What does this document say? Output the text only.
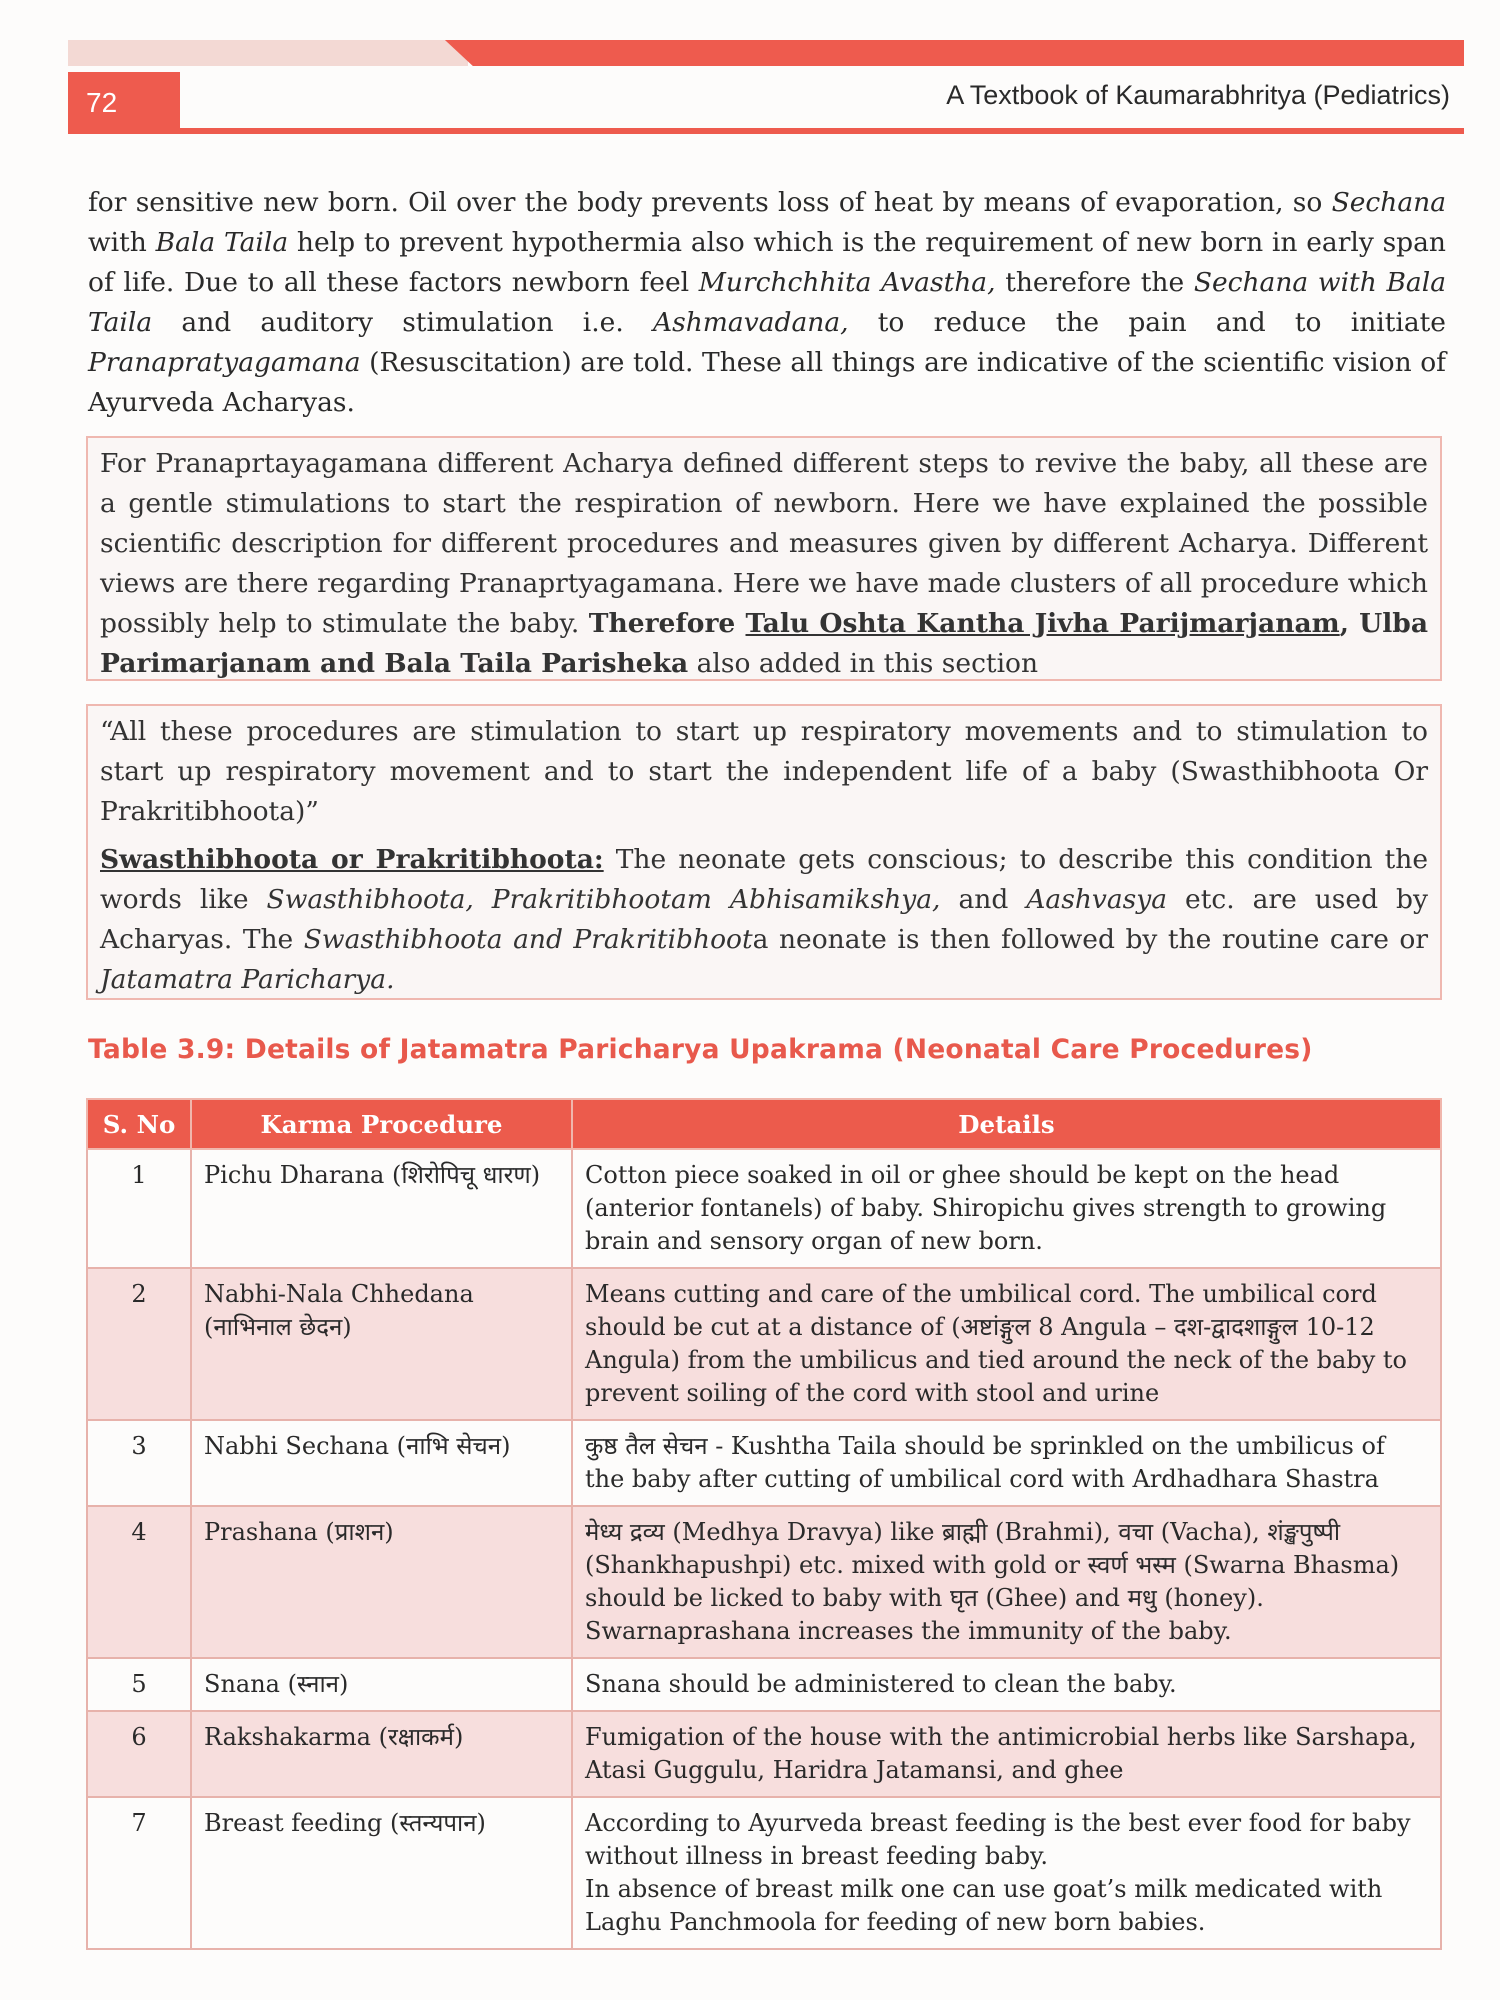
72	A Textbook of Kaumarabhritya (Pediatrics)
for sensitive new born. Oil over the body prevents loss of heat by means of evaporation, so Sechana with Bala Taila help to prevent hypothermia also which is the requirement of new born in early span of life. Due to all these factors newborn feel Murchchhita Avastha, therefore the Sechana with Bala Taila and auditory stimulation i.e. Ashmavadana, to reduce the pain and to initiate Pranapratyagamana (Resuscitation) are told. These all things are indicative of the scientific vision of Ayurveda Acharyas.

For Pranaprtayagamana different Acharya defined different steps to revive the baby, all these are a gentle stimulations to start the respiration of newborn. Here we have explained the possible scientific description for different procedures and measures given by different Acharya. Different views are there regarding Pranaprtyagamana. Here we have made clusters of all procedure which possibly help to stimulate the baby. Therefore Talu Oshta Kantha Jivha Parijmarjanam, Ulba Parimarjanam and Bala Taila Parisheka also added in this section

“All these procedures are stimulation to start up respiratory movements and to stimulation to start up respiratory movement and to start the independent life of a baby (Swasthibhoota Or Prakritibhoota)”

Swasthibhoota or Prakritibhoota: The neonate gets conscious; to describe this condition the words like Swasthibhoota, Prakritibhootam Abhisamikshya, and Aashvasya etc. are used by Acharyas. The Swasthibhoota and Prakritibhoota neonate is then followed by the routine care or Jatamatra Paricharya.

Table 3.9: Details of Jatamatra Paricharya Upakrama (Neonatal Care Procedures)
S. No	Karma Procedure	Details
1	Pichu Dharana (शिरोपिचू धारण)	Cotton piece soaked in oil or ghee should be kept on the head (anterior fontanels) of baby. Shiropichu gives strength to growing brain and sensory organ of new born.
2	Nabhi-Nala Chhedana (नाभिनाल छेदन)	Means cutting and care of the umbilical cord. The umbilical cord should be cut at a distance of (अष्टांङ्गुल 8 Angula – दश-द्वादशाङ्गुल 10-12 Angula) from the umbilicus and tied around the neck of the baby to prevent soiling of the cord with stool and urine
3	Nabhi Sechana (नाभि सेचन)	कुष्ठ तैल सेचन - Kushtha Taila should be sprinkled on the umbilicus of the baby after cutting of umbilical cord with Ardhadhara Shastra
4	Prashana (प्राशन)	मेध्य द्रव्य (Medhya Dravya) like ब्राह्मी (Brahmi), वचा (Vacha), शंङ्खपुष्पी (Shankhapushpi) etc. mixed with gold or स्वर्ण भस्म (Swarna Bhasma) should be licked to baby with घृत (Ghee) and मधु (honey). Swarnaprashana increases the immunity of the baby.
5	Snana (स्नान)	Snana should be administered to clean the baby.
6	Rakshakarma (रक्षाकर्म)	Fumigation of the house with the antimicrobial herbs like Sarshapa, Atasi Guggulu, Haridra Jatamansi, and ghee
7	Breast feeding (स्तन्यपान)	According to Ayurveda breast feeding is the best ever food for baby without illness in breast feeding baby.
In absence of breast milk one can use goat’s milk medicated with Laghu Panchmoola for feeding of new born babies.
